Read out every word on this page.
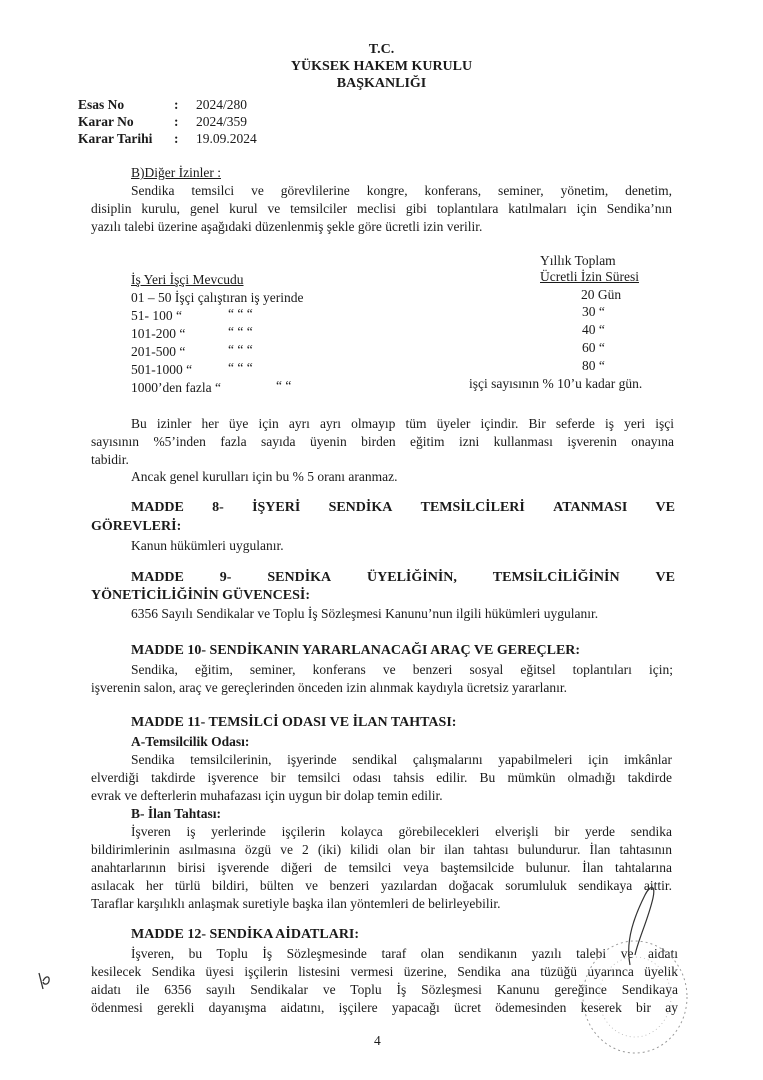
T.C.
YÜKSEK HAKEM KURULU
BAŞKANLIĞI
Esas No	: 2024/280
Karar No	: 2024/359
Karar Tarihi : 19.09.2024
B)Diğer İzinler :
Sendika temsilci ve görevlilerine kongre, konferans, seminer, yönetim, denetim,
disiplin kurulu, genel kurul ve temsilciler meclisi gibi toplantılara katılmaları için Sendika’nın
yazılı talebi üzerine aşağıdaki düzenlenmiş şekle göre ücretli izin verilir.
Yıllık Toplam
İş Yeri İşçi Mevcudu	Ücretli İzin Süresi
01 – 50 İşçi çalıştıran iş yerinde	20 Gün
51- 100 “	“ “ “	30 “
101-200 “	“ “ “	40 “
201-500 “	“ “ “	60 “
501-1000 “	“ “ “	80 “
1000’den fazla “	“ “	işçi sayısının % 10’u kadar gün.
Bu izinler her üye için ayrı ayrı olmayıp tüm üyeler içindir. Bir seferde iş yeri işçi
sayısının %5’inden fazla sayıda üyenin birden eğitim izni kullanması işverenin onayına
tabidir.
Ancak genel kurulları için bu % 5 oranı aranmaz.
MADDE 8- İŞYERİ SENDİKA TEMSİLCİLERİ ATANMASI VE
GÖREVLERİ:
Kanun hükümleri uygulanır.
MADDE	9-	SENDİKA	ÜYELİĞİNİN,	TEMSİLCİLİĞİNİN	VE
YÖNETİCİLİĞİNİN GÜVENCESİ:
6356 Sayılı Sendikalar ve Toplu İş Sözleşmesi Kanunu’nun ilgili hükümleri uygulanır.
MADDE 10- SENDİKANIN YARARLANACAĞI ARAÇ VE GEREÇLER:
Sendika, eğitim, seminer, konferans ve benzeri sosyal eğitsel toplantıları için;
işverenin salon, araç ve gereçlerinden önceden izin alınmak kaydıyla ücretsiz yararlanır.
MADDE 11- TEMSİLCİ ODASI VE İLAN TAHTASI:
A-Temsilcilik Odası:
Sendika temsilcilerinin, işyerinde sendikal çalışmalarını yapabilmeleri için imkânlar
elverdiği takdirde işverence bir temsilci odası tahsis edilir. Bu mümkün olmadığı takdirde
evrak ve defterlerin muhafazası için uygun bir dolap temin edilir.
B- İlan Tahtası:
İşveren iş yerlerinde işçilerin kolayca görebilecekleri elverişli bir yerde sendika
bildirimlerinin asılmasına özgü ve 2 (iki) kilidi olan bir ilan tahtası bulundurur. İlan tahtasının
anahtarlarının birisi işverende diğeri de temsilci veya baştemsilcide bulunur. İlan tahtalarına
asılacak her türlü bildiri, bülten ve benzeri yazılardan doğacak sorumluluk sendikaya aittir.
Taraflar karşılıklı anlaşmak suretiyle başka ilan yöntemleri de belirleyebilir.
MADDE 12- SENDİKA AİDATLARI:
İşveren, bu Toplu İş Sözleşmesinde taraf olan sendikanın yazılı talebi ve aidatı
kesilecek Sendika üyesi işçilerin listesini vermesi üzerine, Sendika ana tüzüğü uyarınca üyelik
aidatı ile 6356 sayılı Sendikalar ve Toplu İş Sözleşmesi Kanunu gereğince Sendikaya
ödenmesi gerekli dayanışma aidatını, işçilere yapacağı ücret ödemesinden keserek bir ay
4
